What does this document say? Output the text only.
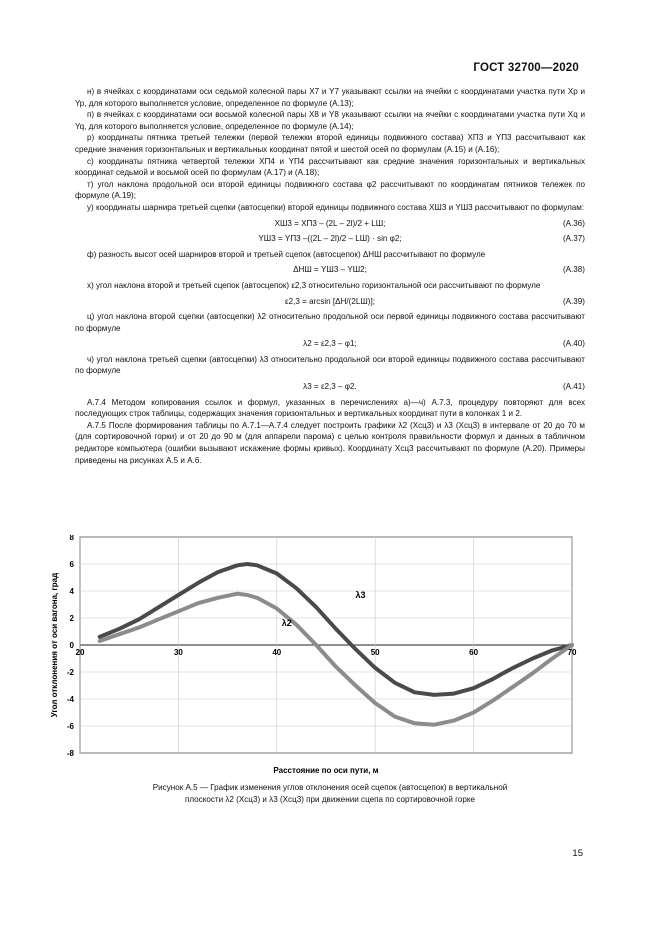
ГОСТ 32700—2020

н) в ячейках с координатами оси седьмой колесной пары X7 и Y7 указывают ссылки на ячейки с координатами участка пути Xp и Yp, для которого выполняется условие, определенное по формуле (А.13);

п) в ячейках с координатами оси восьмой колесной пары X8 и Y8 указывают ссылки на ячейки с координатами участка пути Xq и Yq, для которого выполняется условие, определенное по формуле (А.14);

р) координаты пятника третьей тележки (первой тележки второй единицы подвижного состава) XП3 и YП3 рассчитывают как средние значения горизонтальных и вертикальных координат пятой и шестой осей по формулам (А.15) и (А.16);

с) координаты пятника четвертой тележки XП4 и YП4 рассчитывают как средние значения горизонтальных и вертикальных координат седьмой и восьмой осей по формулам (А.17) и (А.18);

т) угол наклона продольной оси второй единицы подвижного состава φ2 рассчитывают по координатам пятников тележек по формуле (А.19);

у) координаты шарнира третьей сцепки (автосцепки) второй единицы подвижного состава XШ3 и YШ3 рассчитывают по формулам:

XШ3 = XП3 – (2L – 2l)/2 + LШ;	(А.36)
YШ3 = YП3 –((2L – 2l)/2 – LШ) · sin φ2;	(А.37)

ф) разность высот осей шарниров второй и третьей сцепок (автосцепок) ΔHШ рассчитывают по формуле

ΔHШ = YШ3 – YШ2;	(А.38)

х) угол наклона второй и третьей сцепок (автосцепок) ε2,3 относительно горизонтальной оси рассчитывают по формуле

ε2,3 = arcsin [ΔH/(2LШ)];	(А.39)

ц) угол наклона второй сцепки (автосцепки) λ2 относительно продольной оси первой единицы подвижного состава рассчитывают по формуле

λ2 = ε2,3 – φ1;	(А.40)

ч) угол наклона третьей сцепки (автосцепки) λ3 относительно продольной оси второй единицы подвижного состава рассчитывают по формуле

λ3 = ε2,3 – φ2.	(А.41)

А.7.4 Методом копирования ссылок и формул, указанных в перечислениях а)—ч) А.7.3, процедуру повторяют для всех последующих строк таблицы, содержащих значения горизонтальных и вертикальных координат пути в колонках 1 и 2.

А.7.5 После формирования таблицы по А.7.1—А.7.4 следует построить графики λ2 (Xсц3) и λ3 (Xсц3) в интервале от 20 до 70 м (для сортировочной горки) и от 20 до 90 м (для аппарели парома) с целью контроля правильности формул и данных в табличном редакторе компьютера (ошибки вызывают искажение формы кривых). Координату Xсц3 рассчитывают по формуле (А.20). Примеры приведены на рисунках А.5 и А.6.

8
6
4
2
0
-2
-4
-6
-8
20	30	40	50	60	70
λ3
λ2
Расстояние по оси пути, м
Угол отклонения от оси вагона, град
Рисунок А.5 — График изменения углов отклонения осей сцепок (автосцепок) в вертикальной
плоскости λ2 (Xсц3) и λ3 (Xсц3) при движении сцепа по сортировочной горке
15
